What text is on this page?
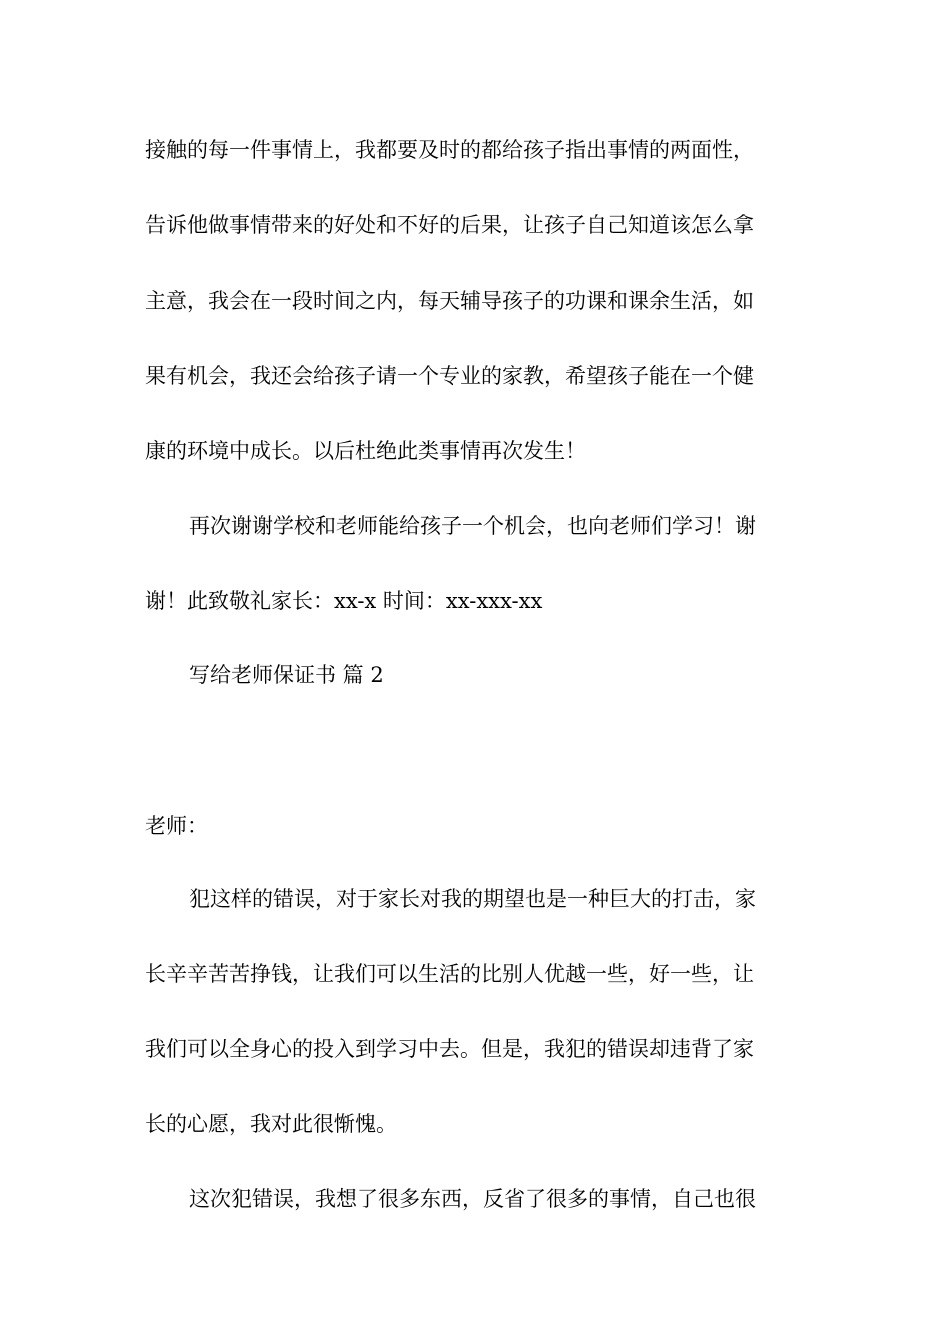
接触的每一件事情上，我都要及时的都给孩子指出事情的两面性，
告诉他做事情带来的好处和不好的后果，让孩子自己知道该怎么拿
主意，我会在一段时间之内，每天辅导孩子的功课和课余生活，如
果有机会，我还会给孩子请一个专业的家教，希望孩子能在一个健
康的环境中成长。以后杜绝此类事情再次发生！
再次谢谢学校和老师能给孩子一个机会，也向老师们学习！谢
谢！此致敬礼家长：xx-x 时间：xx-xxx-xx
写给老师保证书 篇 2
老师：
犯这样的错误，对于家长对我的期望也是一种巨大的打击，家
长辛辛苦苦挣钱，让我们可以生活的比别人优越一些，好一些，让
我们可以全身心的投入到学习中去。但是，我犯的错误却违背了家
长的心愿，我对此很惭愧。
这次犯错误，我想了很多东西，反省了很多的事情，自己也很
